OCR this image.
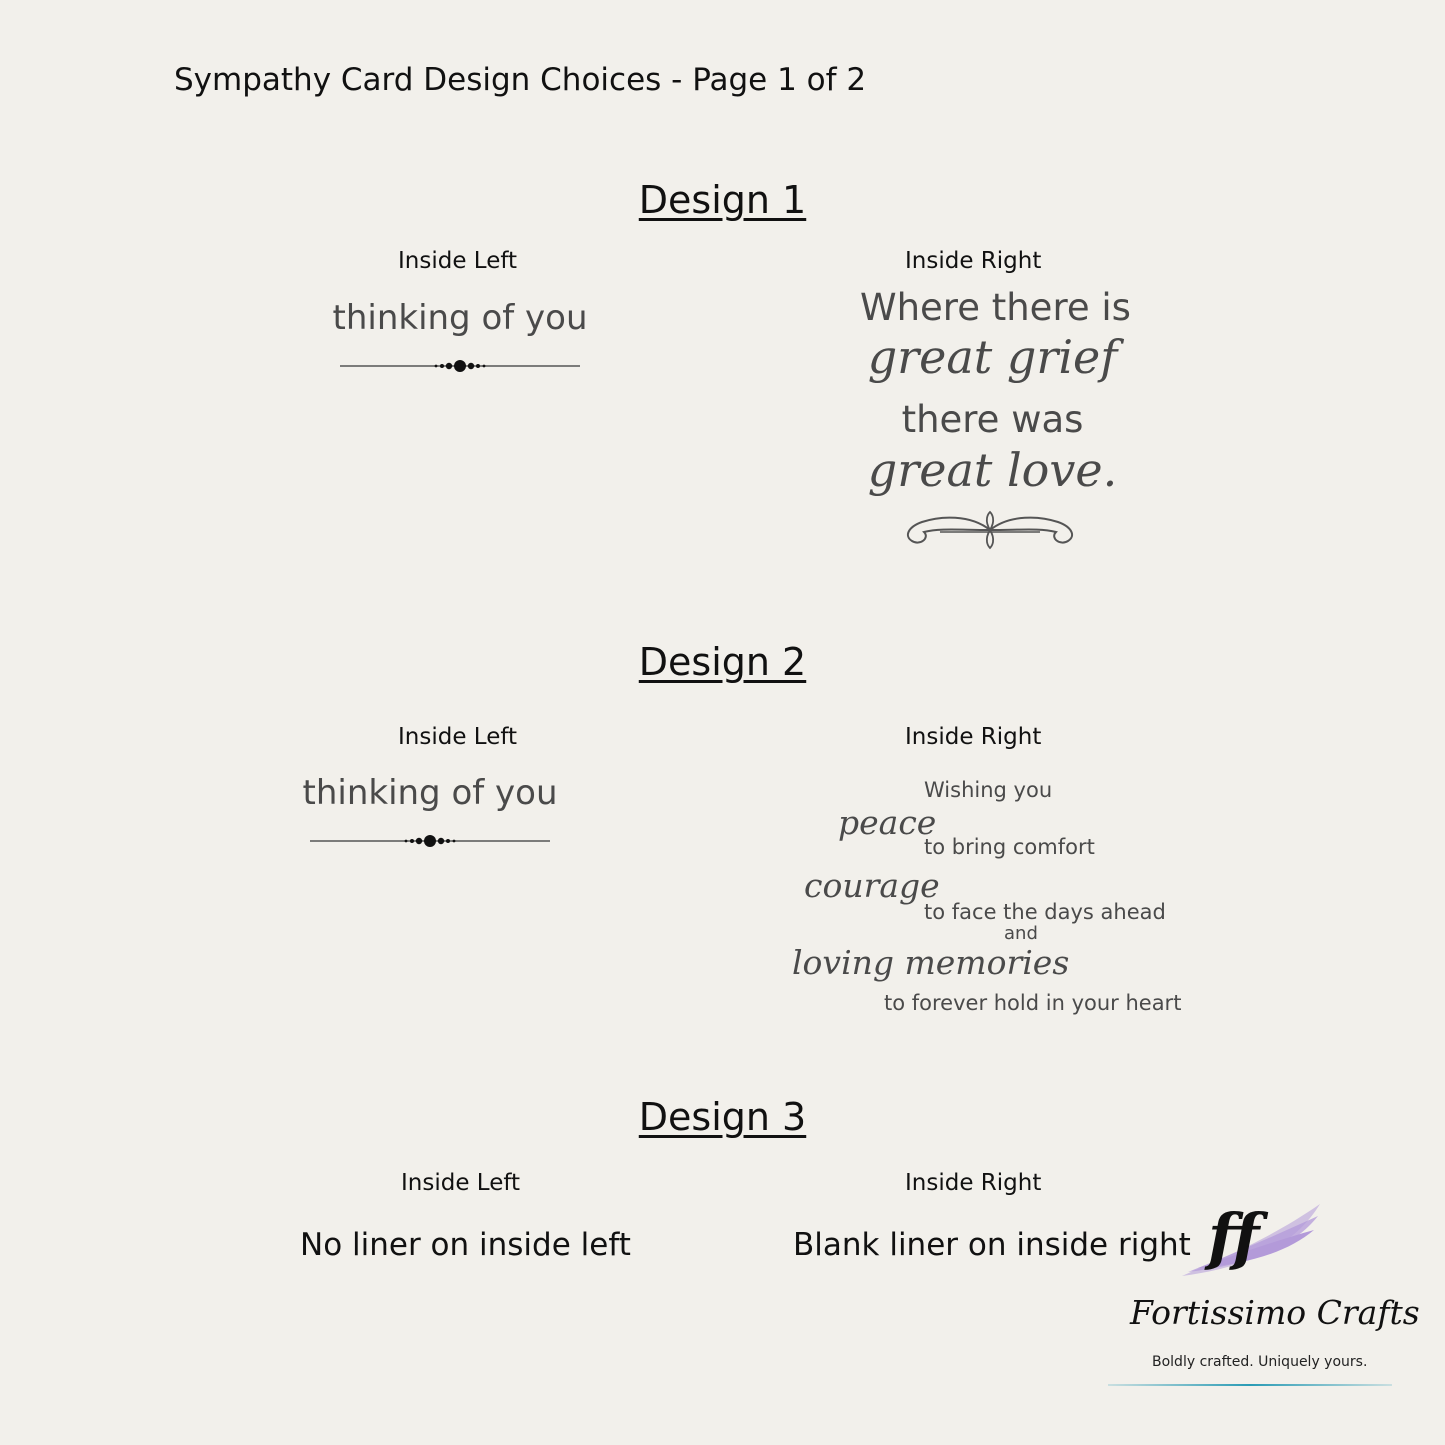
Sympathy Card Design Choices - Page 1 of 2
Design 1
Inside Left	Inside Right
thinking of you	Where there is
great grief
there was
great love.
Design 2
Inside Left	Inside Right
thinking of you	Wishing you
peace
to bring comfort
courage
to face the days ahead
and
loving memories
to forever hold in your heart
Design 3
Inside Left	Inside Right
No liner on inside left	Blank liner on inside right ff
Fortissimo Crafts
Boldly crafted. Uniquely yours.
